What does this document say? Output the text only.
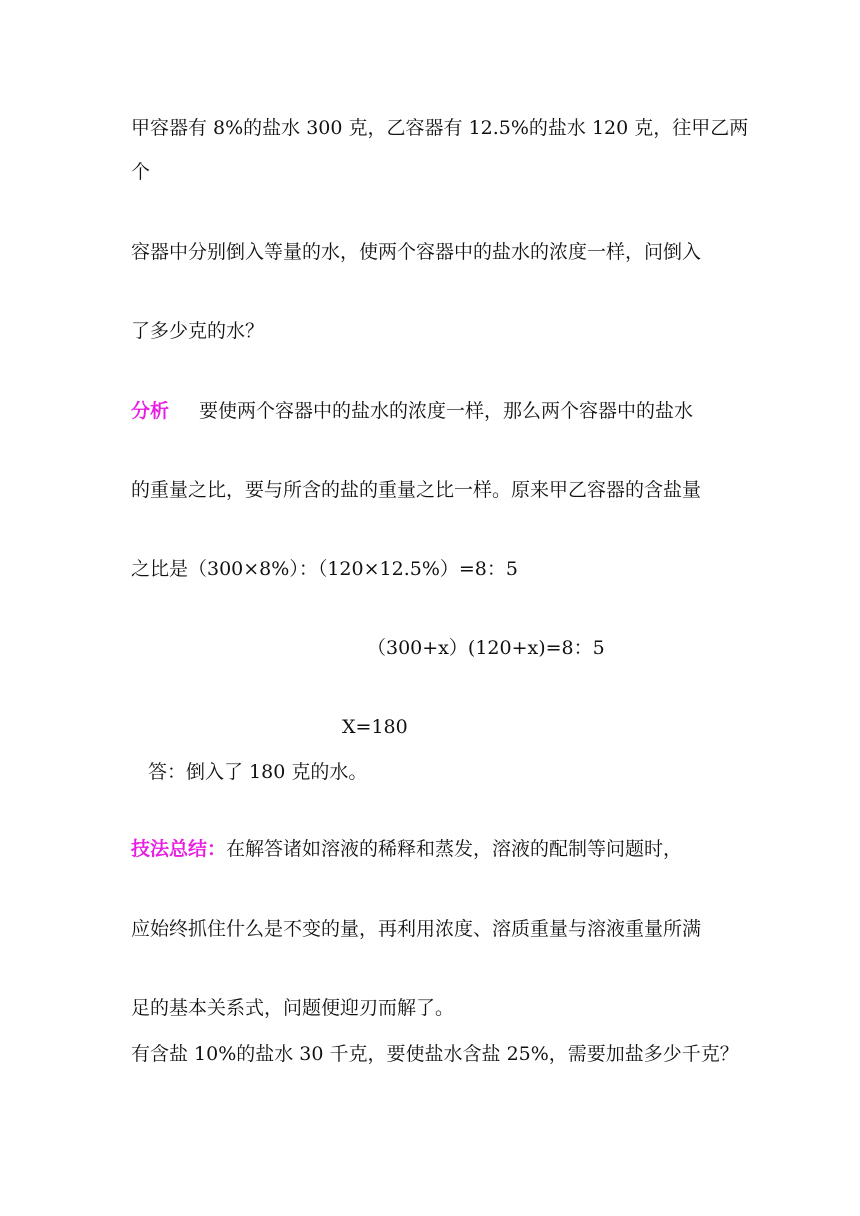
甲容器有 8%的盐水 300 克，乙容器有 12.5%的盐水 120 克，往甲乙两

个

容器中分别倒入等量的水，使两个容器中的盐水的浓度一样，问倒入

了多少克的水？

分析 要使两个容器中的盐水的浓度一样，那么两个容器中的盐水

的重量之比，要与所含的盐的重量之比一样。原来甲乙容器的含盐量

之比是（300×8%）：（120×12.5%）=8：5

（300+x）(120+x)=8：5

X=180

答：倒入了 180 克的水。

技法总结：在解答诸如溶液的稀释和蒸发，溶液的配制等问题时，

应始终抓住什么是不变的量，再利用浓度、溶质重量与溶液重量所满

足的基本关系式，问题便迎刃而解了。

有含盐 10%的盐水 30 千克，要使盐水含盐 25%，需要加盐多少千克？
